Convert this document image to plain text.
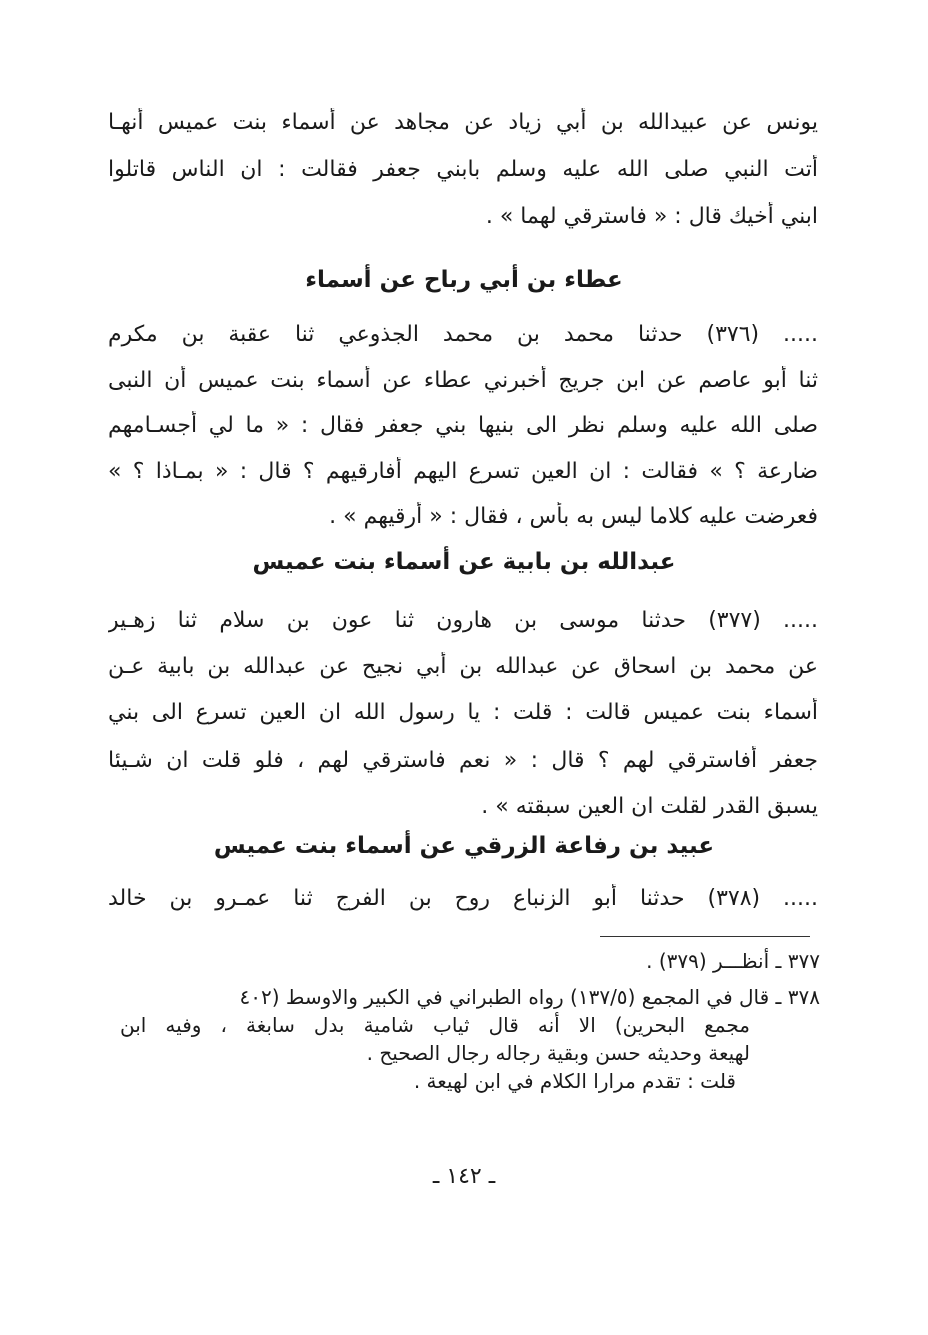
يونس عن عبيدالله بن أبي زياد عن مجاهد عن أسماء بنت عميس أنهـا

أتت النبي صلى الله عليه وسلم بابني جعفر فقالت : ان الناس قاتلوا

ابني أخيك قال : « فاسترقي لهما » .

عطاء بن أبي رباح عن أسماء

..... (٣٧٦) حدثنا محمد بن محمد الجذوعي ثنا عقبة بن مكرم

ثنا أبو عاصم عن ابن جريج أخبرني عطاء عن أسماء بنت عميس أن النبى

صلى الله عليه وسلم نظر الى بنيها بني جعفر فقال : « ما لي أجسـامهم

ضارعة ؟ » فقالت : ان العين تسرع اليهم أفارقيهم ؟ قال : « بمـاذا ؟ »

فعرضت عليه كلاما ليس به بأس ، فقال : « أرقيهم » .

عبدالله بن بابية عن أسماء بنت عميس

..... (٣٧٧) حدثنا موسى بن هارون ثنا عون بن سلام ثنا زهـير

عن محمد بن اسحاق عن عبدالله بن أبي نجيح عن عبدالله بن بابية عـن

أسماء بنت عميس قالت : قلت : يا رسول الله ان العين تسرع الى بني

جعفر أفاسترقي لهم ؟ قال : « نعم فاسترقي لهم ، فلو قلت ان شـيئا

يسبق القدر لقلت ان العين سبقته » .

عبيد بن رفاعة الزرقي عن أسماء بنت عميس

..... (٣٧٨) حدثنا أبو الزنباع روح بن الفرج ثنا عمـرو بن خالد

٣٧٧ ـ أنظـــر (٣٧٩) .

٣٧٨ ـ قال في المجمع (١٣٧/٥) رواه الطبراني في الكبير والاوسط (٤٠٢

مجمع البحرين) الا أنه قال ثياب شامية بدل سابغة ، وفيه ابن

لهيعة وحديثه حسن وبقية رجاله رجال الصحيح .

قلت : تقدم مرارا الكلام في ابن لهيعة .

ـ ١٤٢ ـ
